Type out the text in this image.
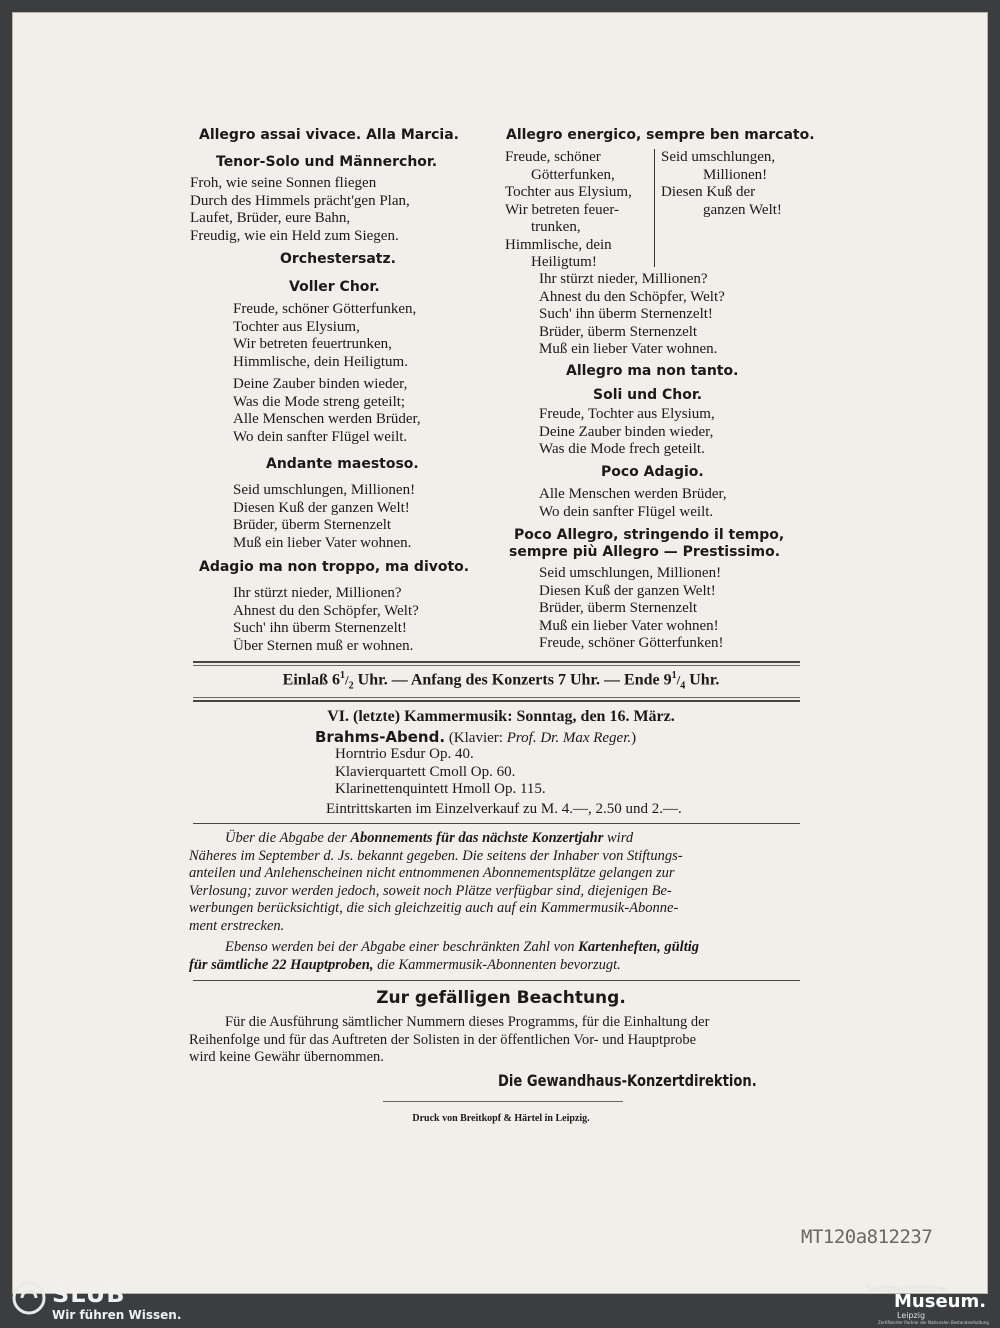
Allegro assai vivace. Alla Marcia.
Tenor-Solo und Männerchor.
Froh, wie seine Sonnen fliegen
Durch des Himmels prächt'gen Plan,
Laufet, Brüder, eure Bahn,
Freudig, wie ein Held zum Siegen.
Orchestersatz.
Voller Chor.
Freude, schöner Götterfunken,
Tochter aus Elysium,
Wir betreten feuertrunken,
Himmlische, dein Heiligtum.
Deine Zauber binden wieder,
Was die Mode streng geteilt;
Alle Menschen werden Brüder,
Wo dein sanfter Flügel weilt.
Andante maestoso.
Seid umschlungen, Millionen!
Diesen Kuß der ganzen Welt!
Brüder, überm Sternenzelt
Muß ein lieber Vater wohnen.
Adagio ma non troppo, ma divoto.
Ihr stürzt nieder, Millionen?
Ahnest du den Schöpfer, Welt?
Such' ihn überm Sternenzelt!
Über Sternen muß er wohnen.
Allegro energico, sempre ben marcato.
Freude, schöner
Götterfunken,
Tochter aus Elysium,
Wir betreten feuer-
trunken,
Himmlische, dein
Heiligtum!
Seid umschlungen,
Millionen!
Diesen Kuß der
ganzen Welt!
Ihr stürzt nieder, Millionen?
Ahnest du den Schöpfer, Welt?
Such' ihn überm Sternenzelt!
Brüder, überm Sternenzelt
Muß ein lieber Vater wohnen.
Allegro ma non tanto.
Soli und Chor.
Freude, Tochter aus Elysium,
Deine Zauber binden wieder,
Was die Mode frech geteilt.
Poco Adagio.
Alle Menschen werden Brüder,
Wo dein sanfter Flügel weilt.
Poco Allegro, stringendo il tempo,
sempre più Allegro — Prestissimo.
Seid umschlungen, Millionen!
Diesen Kuß der ganzen Welt!
Brüder, überm Sternenzelt
Muß ein lieber Vater wohnen!
Freude, schöner Götterfunken!
Einlaß $6^1/_2$ Uhr. — Anfang des Konzerts 7 Uhr. — Ende $9^1/_4$ Uhr.
VI. (letzte) Kammermusik: Sonntag, den 16. März.
Brahms-Abend. (Klavier: Prof. Dr. Max Reger.)
Horntrio Esdur Op. 40.
Klavierquartett Cmoll Op. 60.
Klarinettenquintett Hmoll Op. 115.
Eintrittskarten im Einzelverkauf zu M. 4.—, 2.50 und 2.—.
Über die Abgabe der Abonnements für das nächste Konzertjahr wird
Näheres im September d. Js. bekannt gegeben. Die seitens der Inhaber von Stiftungs-
anteilen und Anlehenscheinen nicht entnommenen Abonnementsplätze gelangen zur
Verlosung; zuvor werden jedoch, soweit noch Plätze verfügbar sind, diejenigen Be-
werbungen berücksichtigt, die sich gleichzeitig auch auf ein Kammermusik-Abonne-
ment erstrecken.
Ebenso werden bei der Abgabe einer beschränkten Zahl von Kartenheften, gültig
für sämtliche 22 Hauptproben, die Kammermusik-Abonnenten bevorzugt.
Zur gefälligen Beachtung.
Für die Ausführung sämtlicher Nummern dieses Programms, für die Einhaltung der
Reihenfolge und für das Auftreten der Solisten in der öffentlichen Vor- und Hauptprobe
wird keine Gewähr übernommen.
Die Gewandhaus-Konzertdirektion.
Druck von Breitkopf & Härtel in Leipzig.
MT120a812237
SLUB
Wir führen Wissen.
Stadtgeschichtliches
Museum.
Leipzig
Zertifizierter Partner der Nationalen Bestandserhaltung
